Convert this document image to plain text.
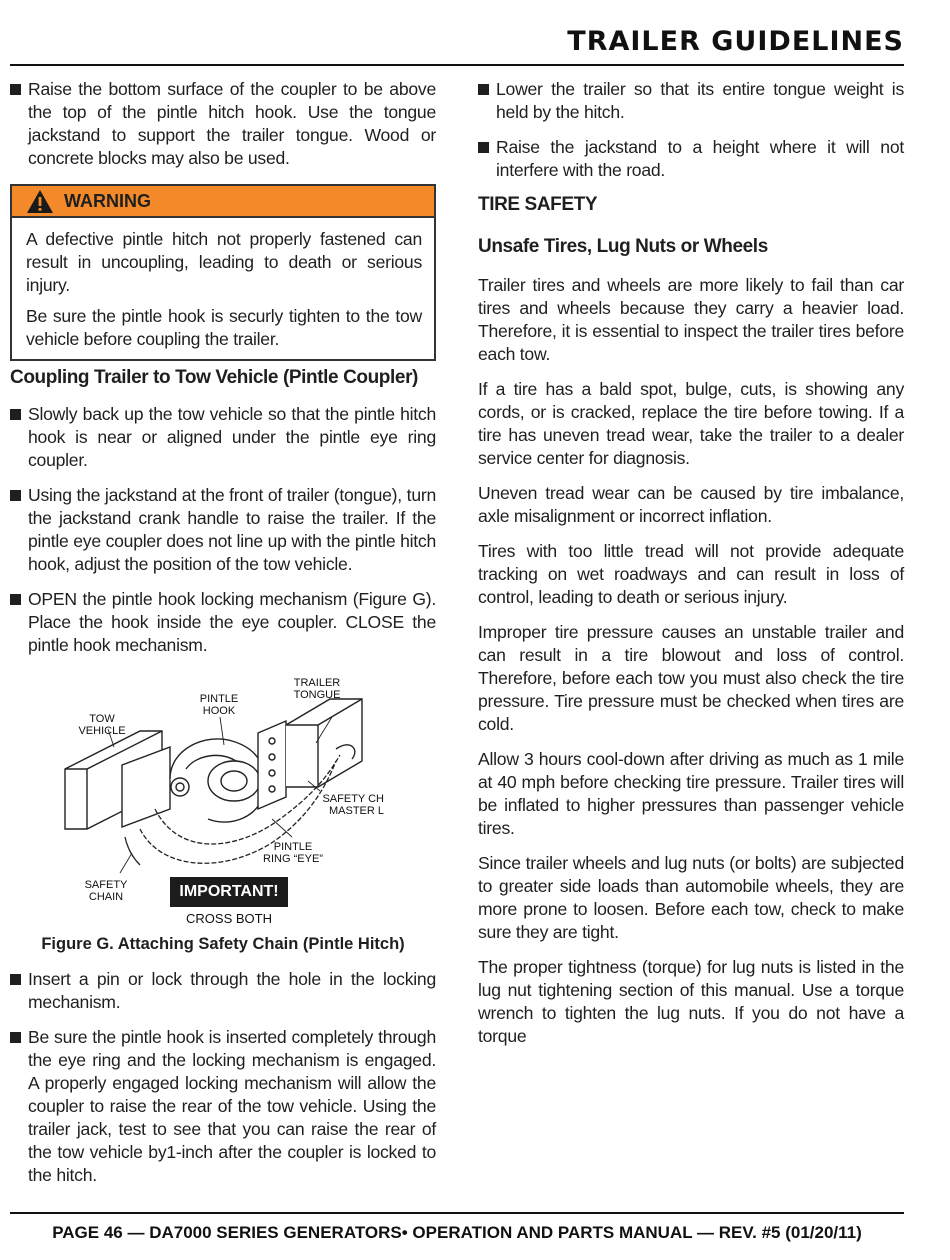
TRAILER GUIDELINES

Raise the bottom surface of the coupler to be above the top of the pintle hitch hook. Use the tongue jackstand to support the trailer tongue. Wood or concrete blocks may also be used.

WARNING

A defective pintle hitch not properly fastened can result in uncoupling, leading to death or serious injury.

Be sure the pintle hook is securly tighten to the tow vehicle before coupling the trailer.

Coupling Trailer to Tow Vehicle (Pintle Coupler)

Slowly back up the tow vehicle so that the pintle hitch hook is near or aligned under the pintle eye ring coupler.

Using the jackstand at the front of trailer (tongue), turn the jackstand crank handle to raise the trailer. If the pintle eye coupler does not line up with the pintle hitch hook, adjust the position of the tow vehicle.

OPEN the pintle hook locking mechanism (Figure G). Place the hook inside the eye coupler. CLOSE the pintle hook mechanism.

TRAILER TONGUE
PINTLE HOOK
TOW VEHICLE
SAFETY CH MASTER L
PINTLE RING “EYE”
SAFETY CHAIN	IMPORTANT!
CROSS BOTH
Figure G. Attaching Safety Chain (Pintle Hitch)

Insert a pin or lock through the hole in the locking mechanism.

Be sure the pintle hook is inserted completely through the eye ring and the locking mechanism is engaged. A properly engaged locking mechanism will allow the coupler to raise the rear of the tow vehicle. Using the trailer jack, test to see that you can raise the rear of the tow vehicle by1-inch after the coupler is locked to the hitch.

Lower the trailer so that its entire tongue weight is held by the hitch.

Raise the jackstand to a height where it will not interfere with the road.

TIRE SAFETY
Unsafe Tires, Lug Nuts or Wheels

Trailer tires and wheels are more likely to fail than car tires and wheels because they carry a heavier load. Therefore, it is essential to inspect the trailer tires before each tow.

If a tire has a bald spot, bulge, cuts, is showing any cords, or is cracked, replace the tire before towing. If a tire has uneven tread wear, take the trailer to a dealer service center for diagnosis.

Uneven tread wear can be caused by tire imbalance, axle misalignment or incorrect inflation.

Tires with too little tread will not provide adequate tracking on wet roadways and can result in loss of control, leading to death or serious injury.

Improper tire pressure causes an unstable trailer and can result in a tire blowout and loss of control. Therefore, before each tow you must also check the tire pressure. Tire pressure must be checked when tires are cold.

Allow 3 hours cool-down after driving as much as 1 mile at 40 mph before checking tire pressure. Trailer tires will be inflated to higher pressures than passenger vehicle tires.

Since trailer wheels and lug nuts (or bolts) are subjected to greater side loads than automobile wheels, they are more prone to loosen. Before each tow, check to make sure they are tight.

The proper tightness (torque) for lug nuts is listed in the lug nut tightening section of this manual. Use a torque wrench to tighten the lug nuts. If you do not have a torque

PAGE 46 — DA7000 SERIES GENERATORS• OPERATION AND PARTS MANUAL — REV. #5 (01/20/11)
